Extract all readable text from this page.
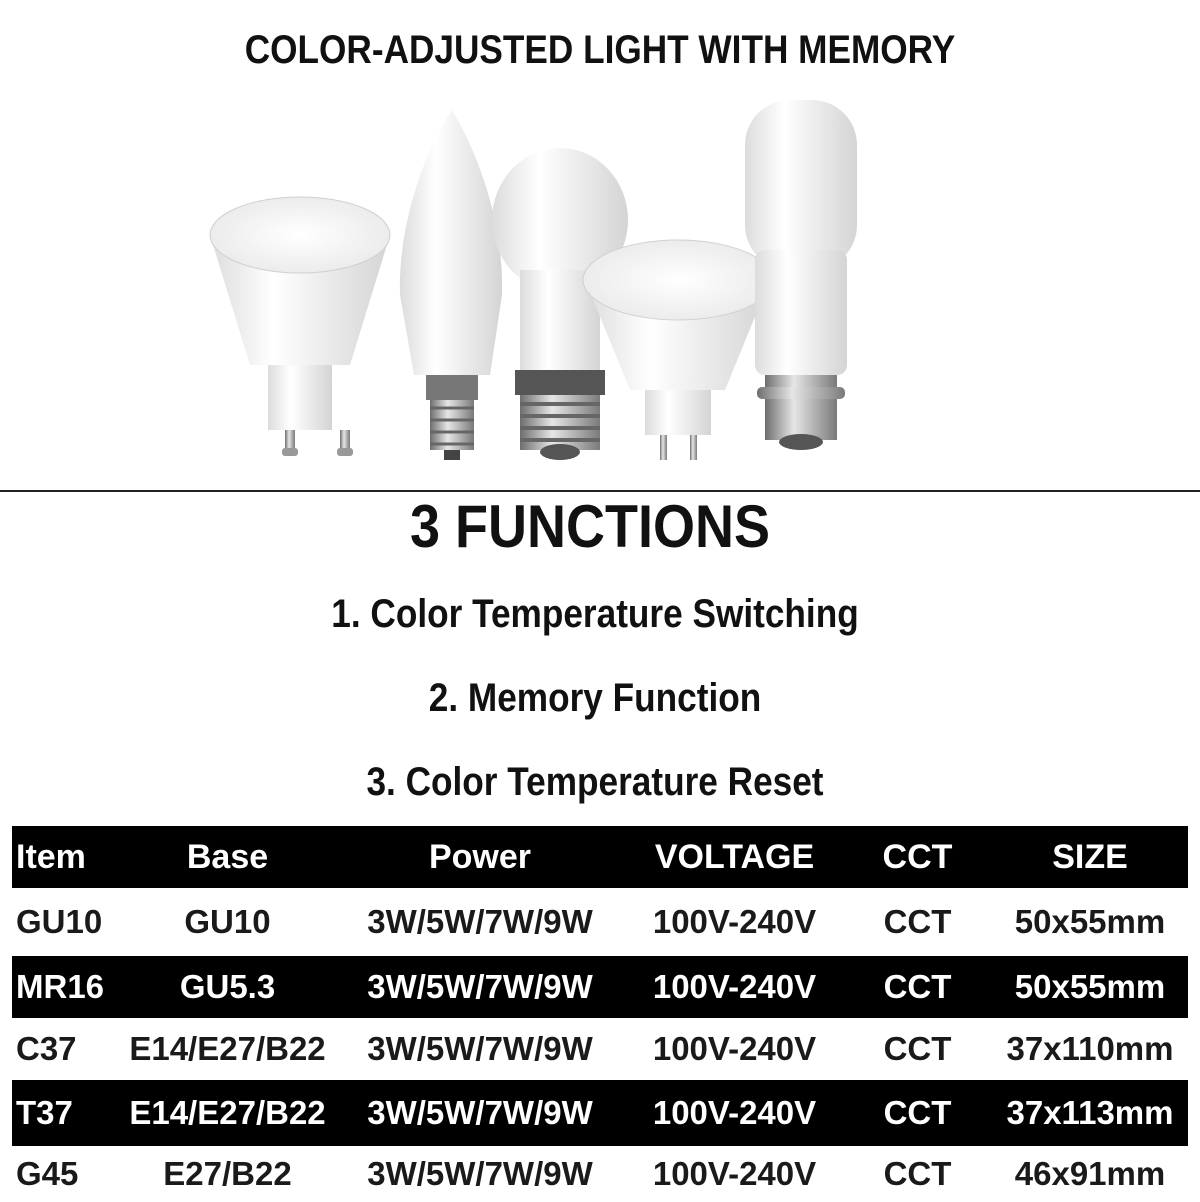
COLOR-ADJUSTED LIGHT WITH MEMORY
3 FUNCTIONS
1. Color Temperature Switching
2. Memory Function
3. Color Temperature Reset
Item	Base	Power	VOLTAGE	CCT	SIZE
GU10	GU10	3W/5W/7W/9W	100V-240V	CCT	50x55mm
MR16	GU5.3	3W/5W/7W/9W	100V-240V	CCT	50x55mm
C37	E14/E27/B22	3W/5W/7W/9W	100V-240V	CCT	37x110mm
T37	E14/E27/B22	3W/5W/7W/9W	100V-240V	CCT	37x113mm
G45	E27/B22	3W/5W/7W/9W	100V-240V	CCT	46x91mm
